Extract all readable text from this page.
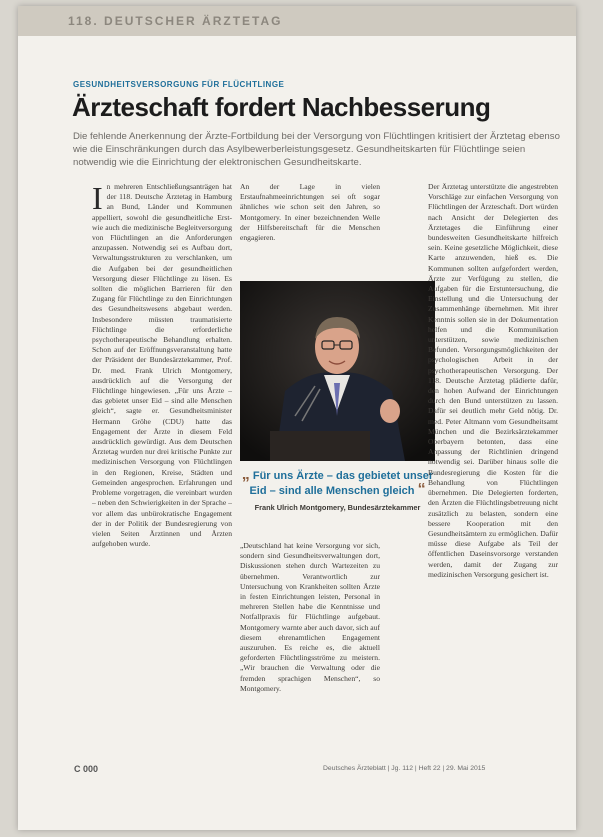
118. DEUTSCHER ÄRZTETAG
GESUNDHEITSVERSORGUNG FÜR FLÜCHTLINGE
Ärzteschaft fordert Nachbesserung
Die fehlende Anerkennung der Ärzte-Fortbildung bei der Versorgung von Flüchtlingen kritisiert der Ärztetag ebenso wie die Einschränkungen durch das Asylbewerberleistungsgesetz. Gesundheitskarten für Flüchtlinge seien notwendig wie die Einrichtung der elektronischen Gesundheitskarte.
I n mehreren Entschließungsanträgen hat der 118. Deutsche Ärztetag in Hamburg an Bund, Länder und Kommunen appelliert, sowohl die gesundheitliche Erst- wie auch die medizinische Begleitversorgung von Flüchtlingen an die Anforderungen anzupassen. Notwendig sei es Aufbau dort, Verwaltungsstrukturen zu verschlanken, um die Aufgaben bei der gesundheitlichen Versorgung dieser Flüchtlinge zu lösen. Es sollten die möglichen Barrieren für den Zugang für Flüchtlinge zu den Einrichtungen des Gesundheitswesens abgebaut werden. Insbesondere müssten traumatisierte Flüchtlinge die erforderliche psychotherapeutische Behandlung erhalten. Schon auf der Eröffnungsveranstaltung hatte der Präsident der Bundesärztekammer, Prof. Dr. med. Frank Ulrich Montgomery, ausdrücklich auf die Versorgung der Flüchtlinge hingewiesen. „Für uns Ärzte – das gebietet unser Eid – sind alle Menschen gleich“, sagte er. Gesundheitsminister Hermann Gröhe (CDU) hatte das Engagement der Ärzte in diesem Feld ausdrücklich gewürdigt. Aus dem Deutschen Ärztetag wurden nur drei kritische Punkte zur medizinischen Versorgung von Flüchtlingen in den Regionen, Kreise, Städten und Gemeinden angesprochen. Erfahrungen und Probleme vorgetragen, die vereinbart wurden – neben den Schwierigkeiten in der Sprache – vor allem das unbürokratische Engagement der in der Politik der Bundesregierung von vielen Seiten Ärztinnen und Ärzten aufgehoben wurde.
An der Lage in vielen Erstaufnahmeeinrichtungen sei oft sogar ähnliches wie schon seit den Jahren, so Montgomery. In einer bezeichnenden Welle der Hilfsbereitschaft für die Menschen engagieren.
„ Für uns Ärzte – das gebietet unser Eid – sind alle Menschen gleich “
Frank Ulrich Montgomery, Bundesärztekammer
„Deutschland hat keine Versorgung vor sich, sondern sind Gesundheitsverwaltungen dort, Diskussionen stehen durch Wartezeiten zu übernehmen. Verantwortlich zur Untersuchung von Krankheiten sollten Ärzte in festen Einrichtungen leisten, Personal in mehreren Stellen habe die Kenntnisse und Notfallpraxis für Flüchtlinge aufgebaut. Montgomery warnte aber auch davor, sich auf diesem ehrenamtlichen Engagement auszuruhen. Es reiche es, die aktuell geforderten Flüchtlingsströme zu meistern. „Wir brauchen die Verwaltung oder die fremden sprachigen Menschen“, so Montgomery.
Der Ärztetag unterstützte die angestrebten Vorschläge zur einfachen Versorgung von Flüchtlingen der Ärzteschaft. Dort würden nach Ansicht der Delegierten des Ärztetages die Einführung einer bundesweiten Gesundheitskarte hilfreich sein. Keine gesetzliche Möglichkeit, diese Karte anzuwenden, hieß es. Die Kommunen sollten aufgefordert werden, Ärzte zur Verfügung zu stellen, die Aufgaben für die Erstuntersuchung, die Einstellung und die Untersuchung der Zusammenhänge übernehmen. Mit ihrer Kenntnis sollen sie in der Dokumentation helfen und die Kommunikation unterstützen, sowie medizinischen Befunden. Versorgungsmöglichkeiten der psychologischen Arbeit in der psychotherapeutischen Versorgung. Der 118. Deutsche Ärztetag plädierte dafür, den hohen Aufwand der Einrichtungen durch den Bund unterstützen zu lassen. Dafür sei deutlich mehr Geld nötig. Dr. med. Peter Altmann vom Gesundheitsamt München und die Bezirksärztekammer Oberbayern betonten, dass eine Anpassung der Richtlinien dringend notwendig sei. Darüber hinaus solle die Bundesregierung die Kosten für die Behandlung von Flüchtlingen übernehmen. Die Delegierten forderten, den Ärzten die Flüchtlingsbetreuung nicht zusätzlich zu belasten, sondern eine bessere Kooperation mit den Gesundheitsämtern zu ermöglichen. Dafür müsse diese Aufgabe als Teil der öffentlichen Daseinsvorsorge verstanden werden, damit der Zugang zur medizinischen Versorgung gesichert ist.
C 000	Deutsches Ärzteblatt | Jg. 112 | Heft 22 | 29. Mai 2015
